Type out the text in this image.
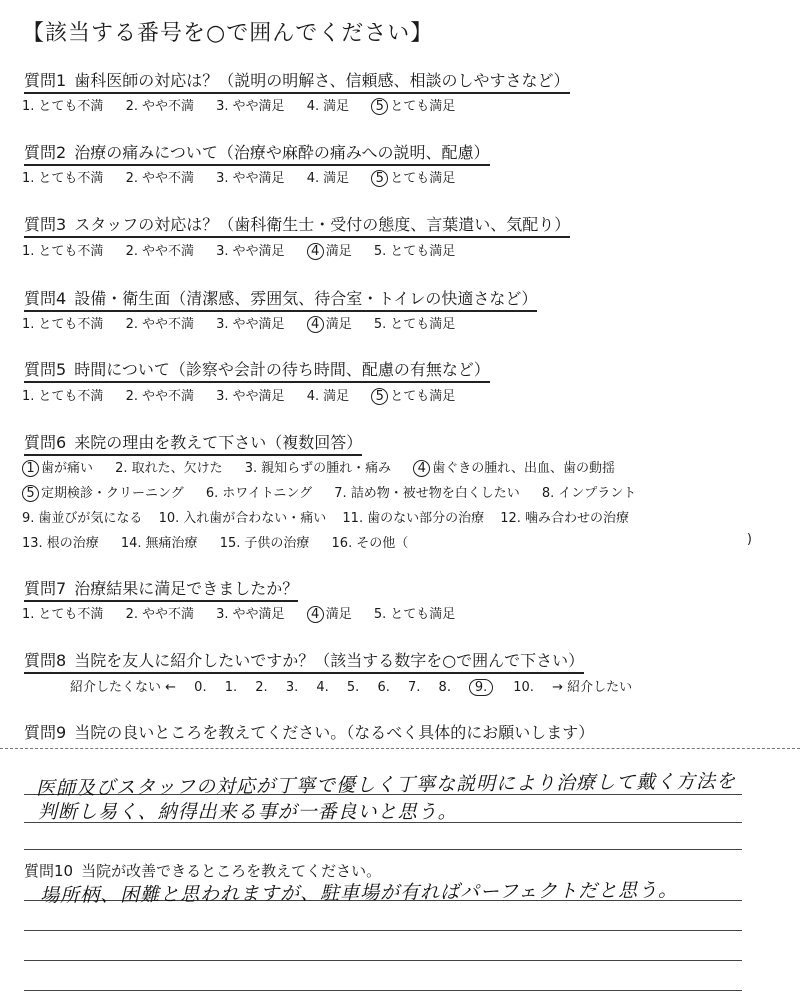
【該当する番号を○で囲んでください】
質問1 歯科医師の対応は？（説明の明解さ、信頼感、相談のしやすさなど）
1. とても不満 2. やや不満 3. やや満足 4. 満足 5 とても満足
質問2 治療の痛みについて（治療や麻酔の痛みへの説明、配慮）
1. とても不満 2. やや不満 3. やや満足 4. 満足 5 とても満足
質問3 スタッフの対応は？（歯科衛生士・受付の態度、言葉遣い、気配り）
1. とても不満 2. やや不満 3. やや満足 4 満足 5. とても満足
質問4 設備・衛生面（清潔感、雰囲気、待合室・トイレの快適さなど）
1. とても不満 2. やや不満 3. やや満足 4 満足 5. とても満足
質問5 時間について（診察や会計の待ち時間、配慮の有無など）
1. とても不満 2. やや不満 3. やや満足 4. 満足 5 とても満足
質問6 来院の理由を教えて下さい（複数回答）
1 歯が痛い 2. 取れた、欠けた 3. 親知らずの腫れ・痛み 4 歯ぐきの腫れ、出血、歯の動揺
5 定期検診・クリーニング 6. ホワイトニング 7. 詰め物・被せ物を白くしたい 8. インプラント
9. 歯並びが気になる 10. 入れ歯が合わない・痛い 11. 歯のない部分の治療 12. 噛み合わせの治療
13. 根の治療 14. 無痛治療 15. 子供の治療 16. その他（	)
質問7 治療結果に満足できましたか？
1. とても不満 2. やや不満 3. やや満足 4 満足 5. とても満足
質問8 当院を友人に紹介したいですか？（該当する数字を○で囲んで下さい）
紹介したくない ← 0. 1. 2. 3. 4. 5. 6. 7. 8. 9. 10. → 紹介したい
質問9 当院の良いところを教えてください。（なるべく具体的にお願いします）
医師及びスタッフの対応が丁寧で優しく丁寧な説明により治療して戴く方法を
判断し易く、納得出来る事が一番良いと思う。
質問10 当院が改善できるところを教えてください。
場所柄、困難と思われますが、駐車場が有ればパーフェクトだと思う。
